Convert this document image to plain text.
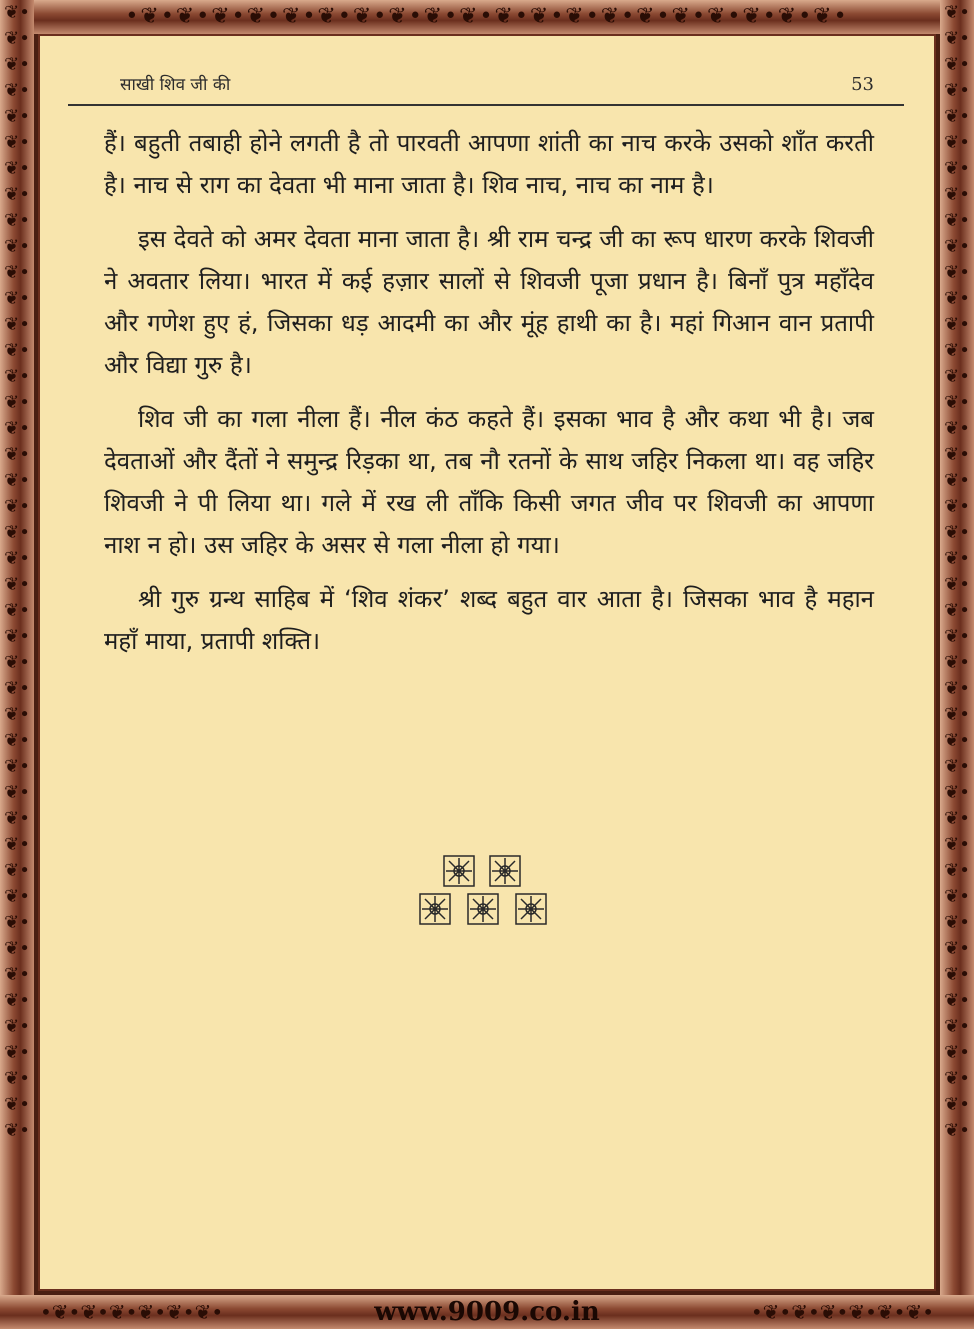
•❦•❦•❦•❦•❦•❦•❦•❦•❦•❦•❦•❦•❦•❦•❦•❦•❦•❦•❦•❦•
❦•❦•❦•❦•❦•❦•❦•❦•❦•❦•❦•❦•❦•❦•❦•❦•❦•❦•❦•❦•❦•❦•❦•❦•❦•❦•❦•❦•❦•❦•❦•❦•❦•❦•❦•❦•❦•❦•❦•❦•❦•❦•❦•❦•
❦•❦•❦•❦•❦•❦•❦•❦•❦•❦•❦•❦•❦•❦•❦•❦•❦•❦•❦•❦•❦•❦•❦•❦•❦•❦•❦•❦•❦•❦•❦•❦•❦•❦•❦•❦•❦•❦•❦•❦•❦•❦•❦•❦•
•❦•❦•❦•❦•❦•❦•	www.9009.co.in	•❦•❦•❦•❦•❦•❦•
साखी शिव जी की	53

हैं। बहुती तबाही होने लगती है तो पारवती आपणा शांती का नाच करके उसको शाँत करती है। नाच से राग का देवता भी माना जाता है। शिव नाच, नाच का नाम है।

इस देवते को अमर देवता माना जाता है। श्री राम चन्द्र जी का रूप धारण करके शिवजी ने अवतार लिया। भारत में कई हज़ार सालों से शिवजी पूजा प्रधान है। बिनाँ पुत्र महाँदेव और गणेश हुए हं, जिसका धड़ आदमी का और मूंह हाथी का है। महां गिआन वान प्रतापी और विद्या गुरु है।

शिव जी का गला नीला हैं। नील कंठ कहते हैं। इसका भाव है और कथा भी है। जब देवताओं और दैंतों ने समुन्द्र रिड़का था, तब नौ रतनों के साथ जहिर निकला था। वह जहिर शिवजी ने पी लिया था। गले में रख ली ताँकि किसी जगत जीव पर शिवजी का आपणा नाश न हो। उस जहिर के असर से गला नीला हो गया।

श्री गुरु ग्रन्थ साहिब में ‘शिव शंकर’ शब्द बहुत वार आता है। जिसका भाव है महान महाँ माया, प्रतापी शक्ति।
